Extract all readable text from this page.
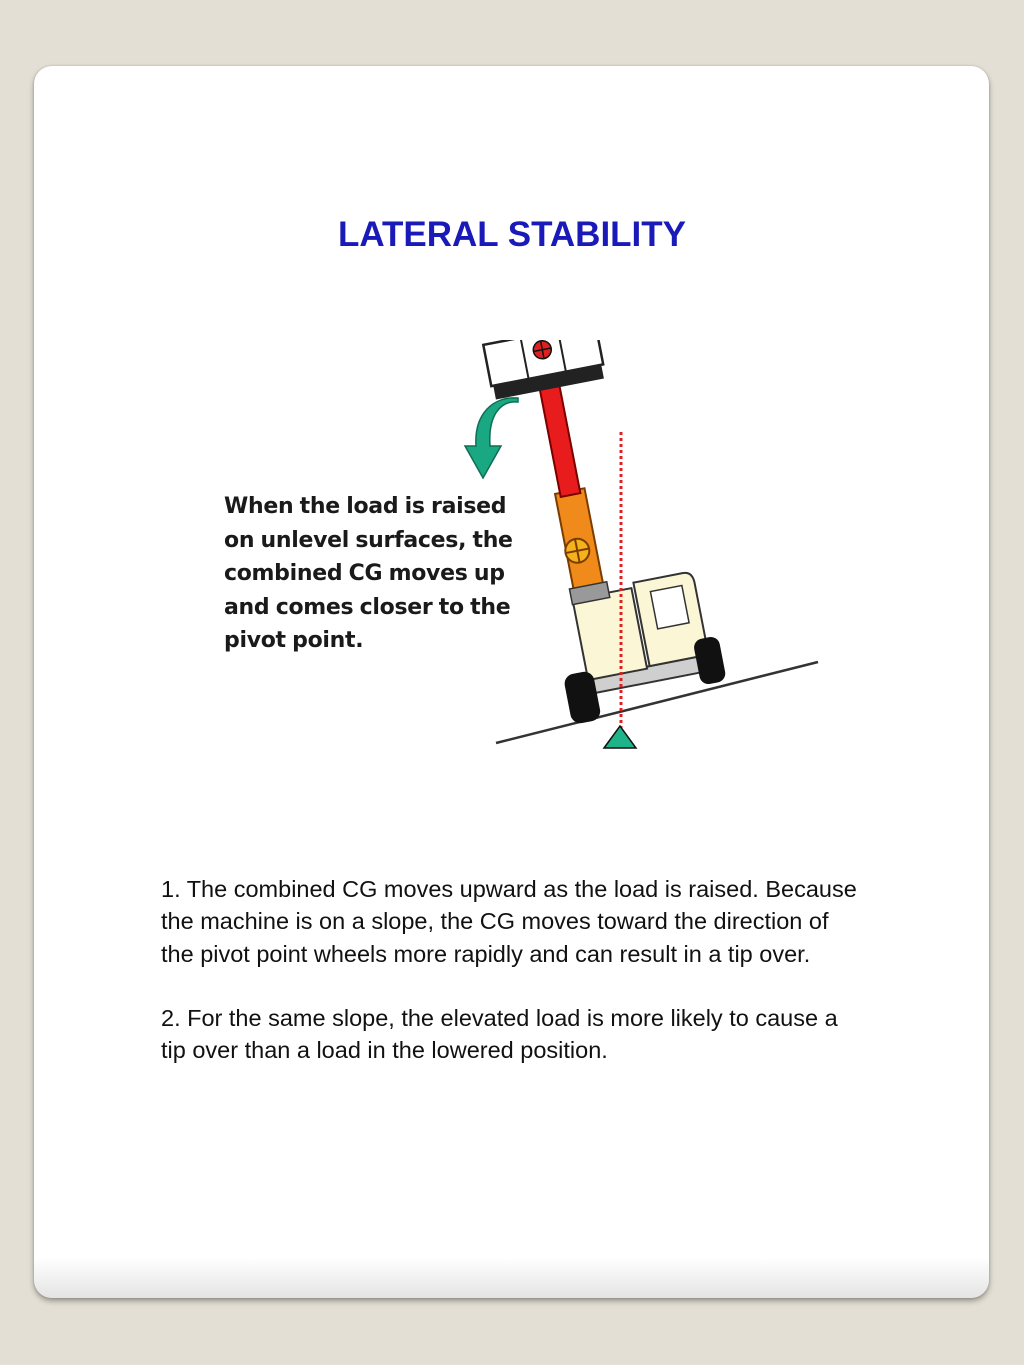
LATERAL STABILITY

When the load is raised
on unlevel surfaces, the
combined CG moves up
and comes closer to the
pivot point.

1. The combined CG moves upward as the load is raised. Because the machine is on a slope, the CG moves toward the direction of the pivot point wheels more rapidly and can result in a tip over.

2. For the same slope, the elevated load is more likely to cause a tip over than a load in the lowered position.
